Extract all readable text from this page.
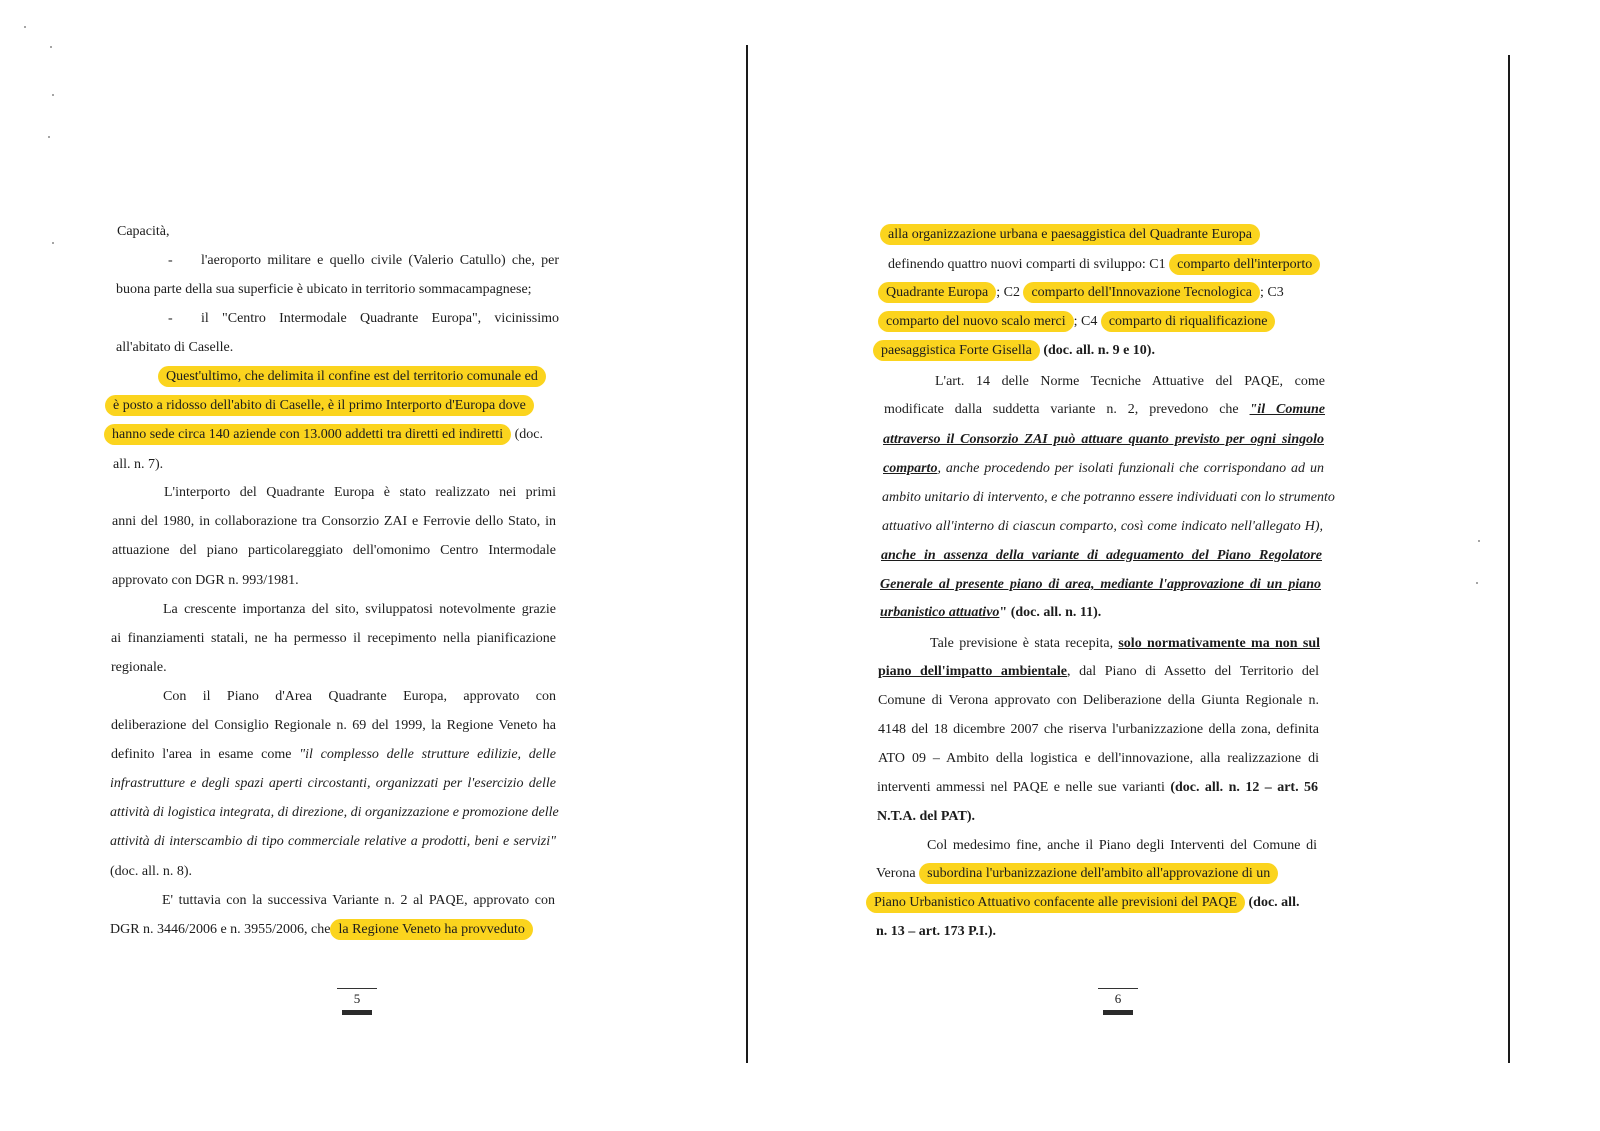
Capacità,
- l'aeroporto militare e quello civile (Valerio Catullo) che, per
buona parte della sua superficie è ubicato in territorio sommacampagnese;
- il "Centro Intermodale Quadrante Europa", vicinissimo
all'abitato di Caselle.
Quest'ultimo, che delimita il confine est del territorio comunale ed
è posto a ridosso dell'abito di Caselle, è il primo Interporto d'Europa dove
hanno sede circa 140 aziende con 13.000 addetti tra diretti ed indiretti (doc.
all. n. 7).
L'interporto del Quadrante Europa è stato realizzato nei primi
anni del 1980, in collaborazione tra Consorzio ZAI e Ferrovie dello Stato, in
attuazione del piano particolareggiato dell'omonimo Centro Intermodale
approvato con DGR n. 993/1981.
La crescente importanza del sito, sviluppatosi notevolmente grazie
ai finanziamenti statali, ne ha permesso il recepimento nella pianificazione
regionale.
Con il Piano d'Area Quadrante Europa, approvato con
deliberazione del Consiglio Regionale n. 69 del 1999, la Regione Veneto ha
definito l'area in esame come "il complesso delle strutture edilizie, delle
infrastrutture e degli spazi aperti circostanti, organizzati per l'esercizio delle
attività di logistica integrata, di direzione, di organizzazione e promozione delle
attività di interscambio di tipo commerciale relative a prodotti, beni e servizi"
(doc. all. n. 8).
E' tuttavia con la successiva Variante n. 2 al PAQE, approvato con
DGR n. 3446/2006 e n. 3955/2006, che la Regione Veneto ha provveduto
5
alla organizzazione urbana e paesaggistica del Quadrante Europa
definendo quattro nuovi comparti di sviluppo: C1 comparto dell'interporto
Quadrante Europa ; C2 comparto dell'Innovazione Tecnologica ; C3
comparto del nuovo scalo merci ; C4 comparto di riqualificazione
paesaggistica Forte Gisella (doc. all. n. 9 e 10).
L'art. 14 delle Norme Tecniche Attuative del PAQE, come
modificate dalla suddetta variante n. 2, prevedono che "il Comune
attraverso il Consorzio ZAI può attuare quanto previsto per ogni singolo
comparto, anche procedendo per isolati funzionali che corrispondano ad un
ambito unitario di intervento, e che potranno essere individuati con lo strumento
attuativo all'interno di ciascun comparto, così come indicato nell'allegato H),
anche in assenza della variante di adeguamento del Piano Regolatore
Generale al presente piano di area, mediante l'approvazione di un piano
urbanistico attuativo" (doc. all. n. 11).
Tale previsione è stata recepita, solo normativamente ma non sul
piano dell'impatto ambientale, dal Piano di Assetto del Territorio del
Comune di Verona approvato con Deliberazione della Giunta Regionale n.
4148 del 18 dicembre 2007 che riserva l'urbanizzazione della zona, definita
ATO 09 – Ambito della logistica e dell'innovazione, alla realizzazione di
interventi ammessi nel PAQE e nelle sue varianti (doc. all. n. 12 – art. 56
N.T.A. del PAT).
Col medesimo fine, anche il Piano degli Interventi del Comune di
Verona subordina l'urbanizzazione dell'ambito all'approvazione di un
Piano Urbanistico Attuativo confacente alle previsioni del PAQE (doc. all.
n. 13 – art. 173 P.I.).
6
